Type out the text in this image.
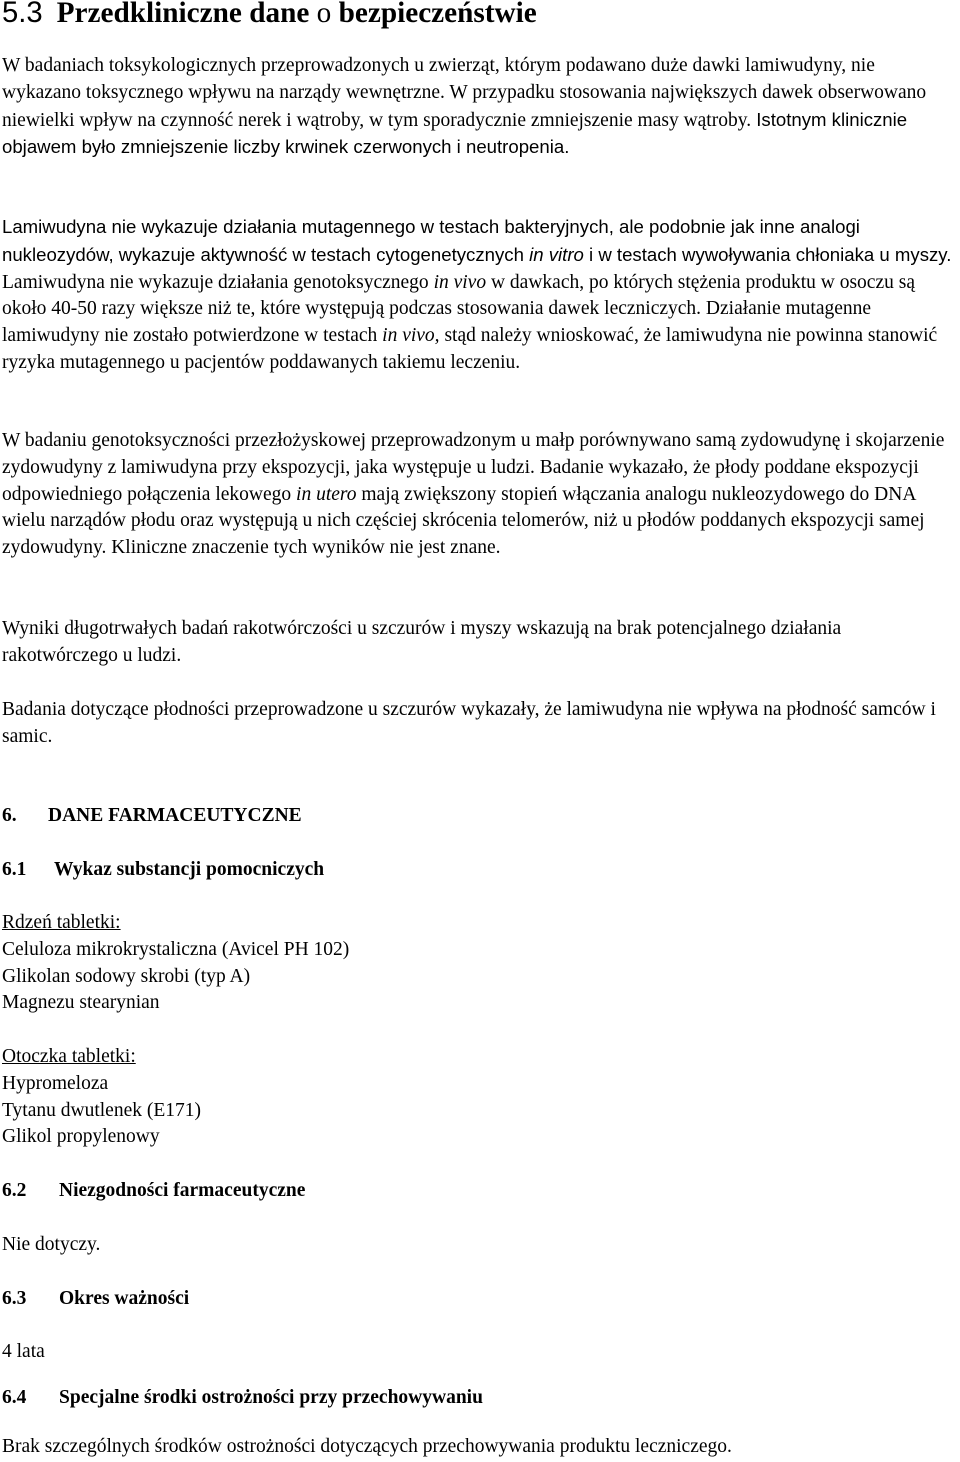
5.3 Przedkliniczne dane o bezpieczeństwie

W badaniach toksykologicznych przeprowadzonych u zwierząt, którym podawano duże dawki lamiwudyny, nie wykazano toksycznego wpływu na narządy wewnętrzne. W przypadku stosowania największych dawek obserwowano niewielki wpływ na czynność nerek i wątroby, w tym sporadycznie zmniejszenie masy wątroby. Istotnym klinicznie objawem było zmniejszenie liczby krwinek czerwonych i neutropenia.

Lamiwudyna nie wykazuje działania mutagennego w testach bakteryjnych, ale podobnie jak inne analogi nukleozydów, wykazuje aktywność w testach cytogenetycznych in vitro i w testach wywoływania chłoniaka u myszy. Lamiwudyna nie wykazuje działania genotoksycznego in vivo w dawkach, po których stężenia produktu w osoczu są około 40-50 razy większe niż te, które występują podczas stosowania dawek leczniczych. Działanie mutagenne lamiwudyny nie zostało potwierdzone w testach in vivo, stąd należy wnioskować, że lamiwudyna nie powinna stanowić ryzyka mutagennego u pacjentów poddawanych takiemu leczeniu.

W badaniu genotoksyczności przezłożyskowej przeprowadzonym u małp porównywano samą zydowudynę i skojarzenie zydowudyny z lamiwudyna przy ekspozycji, jaka występuje u ludzi. Badanie wykazało, że płody poddane ekspozycji odpowiedniego połączenia lekowego in utero mają zwiększony stopień włączania analogu nukleozydowego do DNA wielu narządów płodu oraz występują u nich częściej skrócenia telomerów, niż u płodów poddanych ekspozycji samej zydowudyny. Kliniczne znaczenie tych wyników nie jest znane.

Wyniki długotrwałych badań rakotwórczości u szczurów i myszy wskazują na brak potencjalnego działania rakotwórczego u ludzi.

Badania dotyczące płodności przeprowadzone u szczurów wykazały, że lamiwudyna nie wpływa na płodność samców i samic.

6. DANE FARMACEUTYCZNE
6.1 Wykaz substancji pomocniczych
Rdzeń tabletki:
Celuloza mikrokrystaliczna (Avicel PH 102)
Glikolan sodowy skrobi (typ A)
Magnezu stearynian
Otoczka tabletki:
Hypromeloza
Tytanu dwutlenek (E171)
Glikol propylenowy
6.2 Niezgodności farmaceutyczne

Nie dotyczy.

6.3 Okres ważności

4 lata

6.4 Specjalne środki ostrożności przy przechowywaniu

Brak szczególnych środków ostrożności dotyczących przechowywania produktu leczniczego.
